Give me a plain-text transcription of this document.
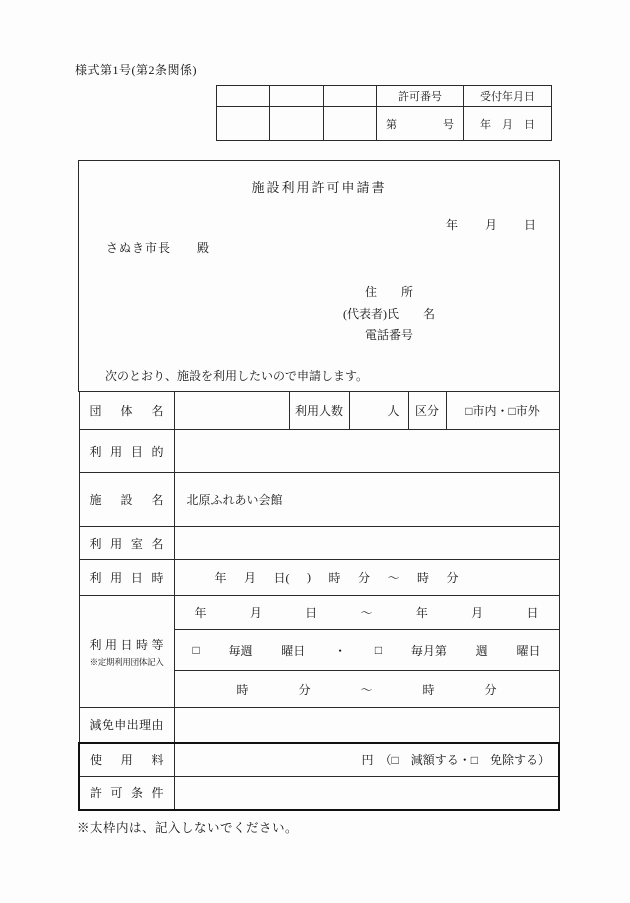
様式第1号(第2条関係)
			許可番号	受付年月日

			第 号	年　月　日
施設利用許可申請書
年　　月　　日
さぬき市長　　殿
住　　所
(代表者)氏　　名
電話番号
次のとおり、施設を利用したいので申請します。
団 体 名		利用人数	人	区分	□市内・□市外

利 用 目 的					

施 設 名	北原ふれあい会館				

利 用 室 名					

利 用 日 時	年 月 日( ) 時 分 ～ 時 分

利 用 日 時 等
※定期利用団体記入

年	月	日	～	年	月	日

□ 毎週 曜日 ・ □ 毎月第 週 曜日

	時 分 ～ 時 分				

減 免 申 出 理 由

使 用 料	円　（□　減額する・□　免除する）				

許 可 条 件					

※太枠内は、記入しないでください。
